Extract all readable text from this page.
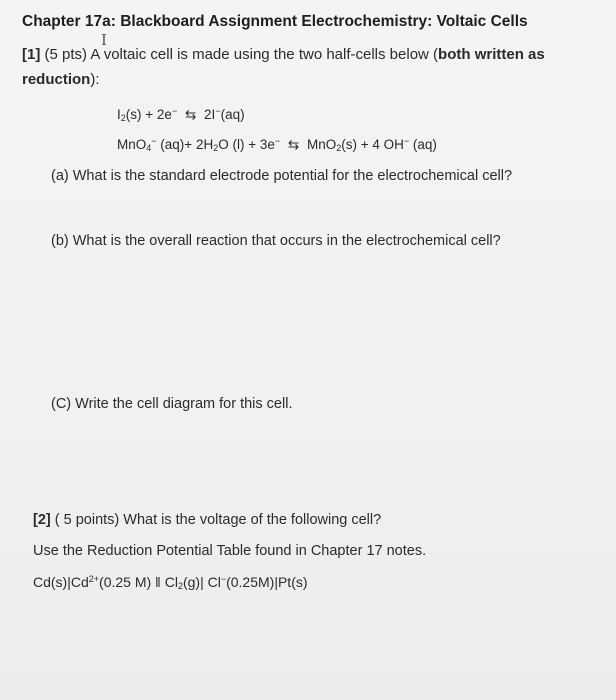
Chapter 17a: Blackboard Assignment Electrochemistry: Voltaic Cells
I
[1] (5 pts) A voltaic cell is made using the two half-cells below (both written as
reduction):
$I_2(s) + 2e^-$ ⇆ 2I−(aq)
MnO$_4$− $(aq)+ 2H_2O$ (l) + 3e− ⇆ MnO$_2$(s) + 4 OH− (aq)
(a) What is the standard electrode potential for the electrochemical cell?
(b) What is the overall reaction that occurs in the electrochemical cell?
(C) Write the cell diagram for this cell.
[2] ( 5 points) What is the voltage of the following cell?
Use the Reduction Potential Table found in Chapter 17 notes.
$Cd(s)|Cd^{2+}(0.25$ M) ‖ $Cl_2(g)|$ Cl−(0.25M)|Pt(s)
